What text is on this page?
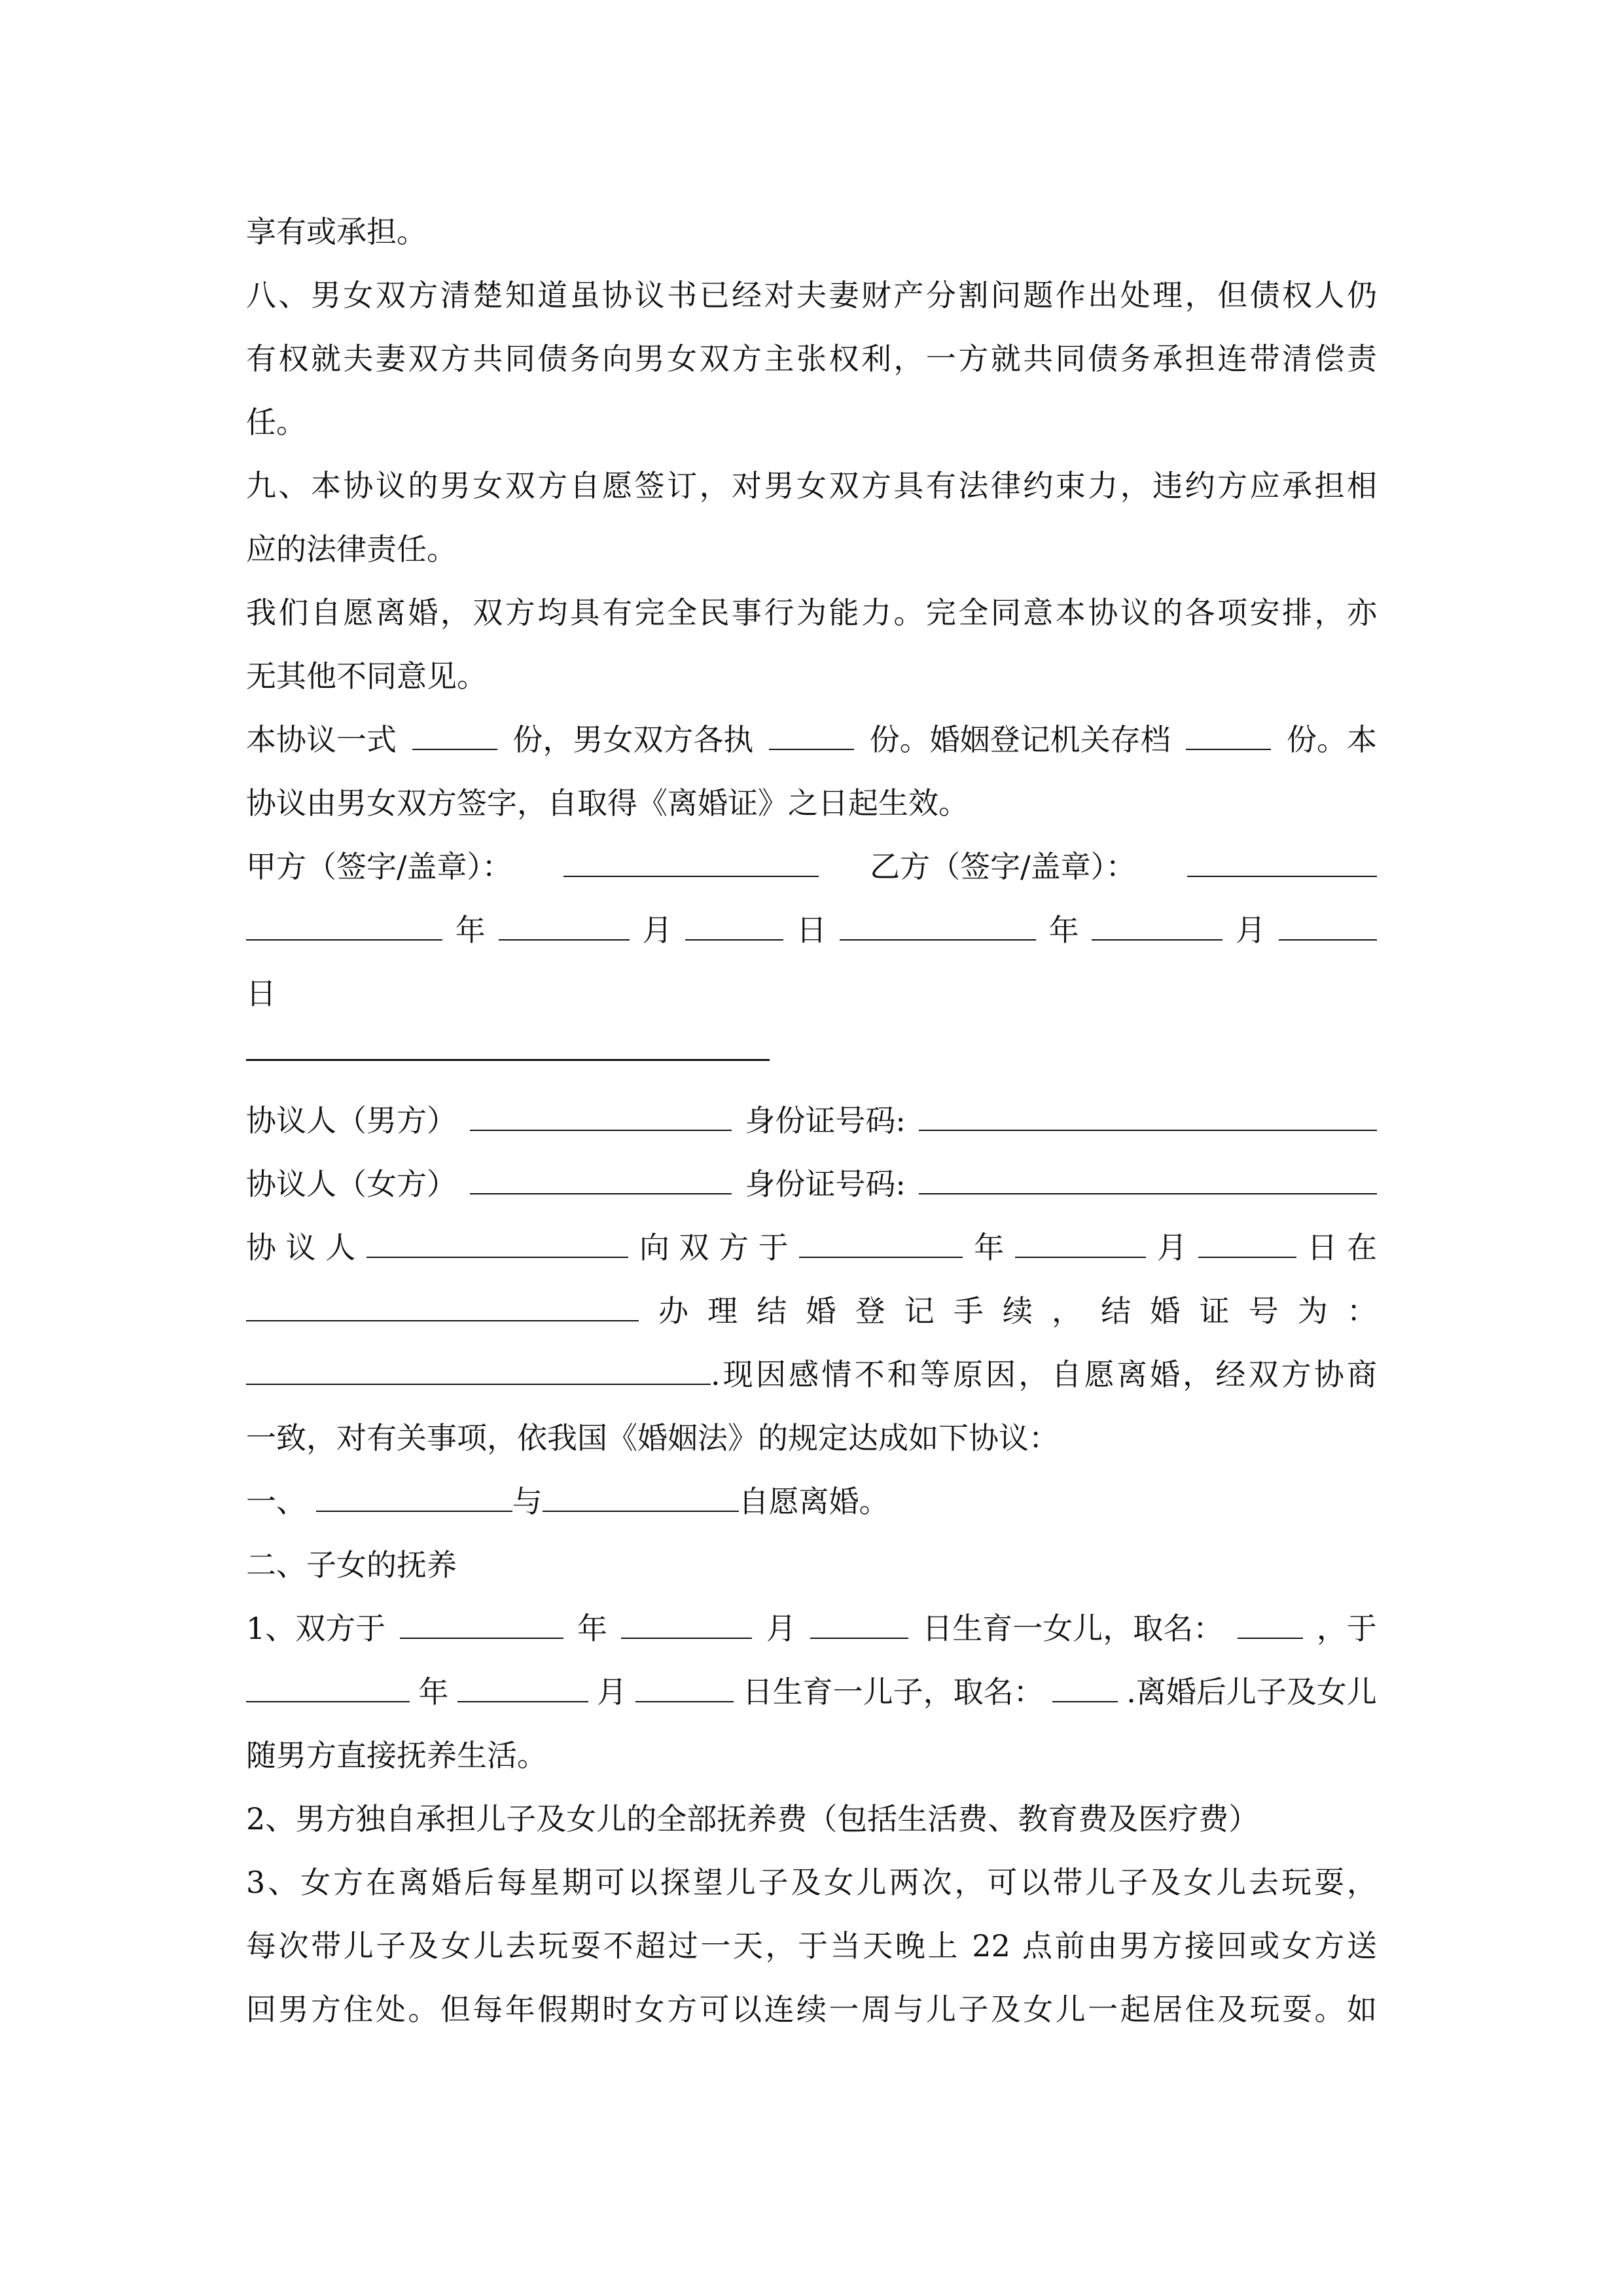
享有或承担。
八、男女双方清楚知道虽协议书已经对夫妻财产分割问题作出处理，但债权人仍
有权就夫妻双方共同债务向男女双方主张权利，一方就共同债务承担连带清偿责
任。
九、本协议的男女双方自愿签订，对男女双方具有法律约束力，违约方应承担相
应的法律责任。
我们自愿离婚，双方均具有完全民事行为能力。完全同意本协议的各项安排，亦
无其他不同意见。
本协议一式	份，男女双方各执	份。婚姻登记机关存档	份。本
协议由男女双方签字，自取得《离婚证》之日起生效。
甲方（签字/盖章）：	乙方（签字/盖章）：
年	月	日	年	月
日
协议人（男方）	身份证号码:
协议人（女方）	身份证号码:
协 议 人	向 双 方 于	年	月	日 在
办 理 结 婚 登 记 手 续 ， 结 婚 证 号 为 ：
.现因感情不和等原因，自愿离婚，经双方协商
一致，对有关事项，依我国《婚姻法》的规定达成如下协议：
一、	与	自愿离婚。
二、子女的抚养
1、双方于	年	月	日生育一女儿，取名：	，于
年	月	日生育一儿子，取名：	.离婚后儿子及女儿
随男方直接抚养生活。
2、男方独自承担儿子及女儿的全部抚养费（包括生活费、教育费及医疗费）
3、女方在离婚后每星期可以探望儿子及女儿两次，可以带儿子及女儿去玩耍，
每次带儿子及女儿去玩耍不超过一天，于当天晚上 22 点前由男方接回或女方送
回男方住处。但每年假期时女方可以连续一周与儿子及女儿一起居住及玩耍。如
